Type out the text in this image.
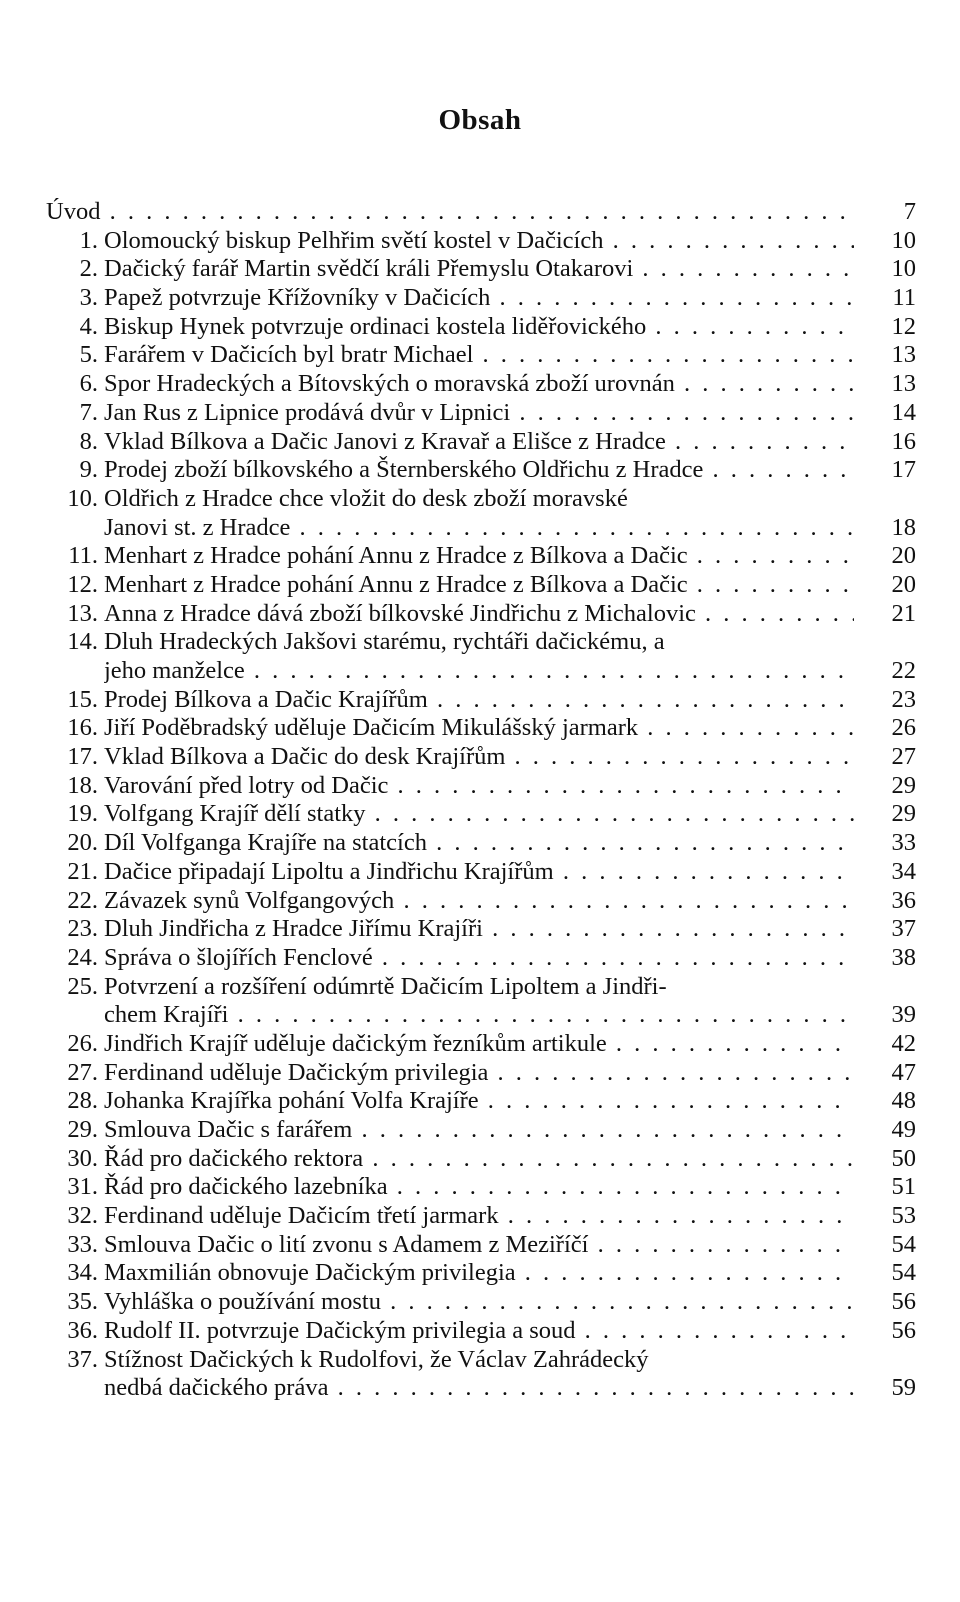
Obsah
Úvod . . .	7
1. Olomoucký biskup Pelhřim světí kostel v Dačicích . . .	10
2. Dačický farář Martin svědčí králi Přemyslu Otakarovi . . .	10
3. Papež potvrzuje Křížovníky v Dačicích . . .	11
4. Biskup Hynek potvrzuje ordinaci kostela liděřovického . . .	12
5. Farářem v Dačicích byl bratr Michael . . .	13
6. Spor Hradeckých a Bítovských o moravská zboží urovnán . . .	13
7. Jan Rus z Lipnice prodává dvůr v Lipnici . . .	14
8. Vklad Bílkova a Dačic Janovi z Kravař a Elišce z Hradce . . .	16
9. Prodej zboží bílkovského a Šternberského Oldřichu z Hradce . . .	17
10. Oldřich z Hradce chce vložit do desk zboží moravské
Janovi st. z Hradce . . .	18
11. Menhart z Hradce pohání Annu z Hradce z Bílkova a Dačic . . .	20
12. Menhart z Hradce pohání Annu z Hradce z Bílkova a Dačic . . .	20
13. Anna z Hradce dává zboží bílkovské Jindřichu z Michalovic . . .	21
14. Dluh Hradeckých Jakšovi starému, rychtáři dačickému, a
jeho manželce . . .	22
15. Prodej Bílkova a Dačic Krajířům . . .	23
16. Jiří Poděbradský uděluje Dačicím Mikulášský jarmark . . .	26
17. Vklad Bílkova a Dačic do desk Krajířům . . .	27
18. Varování před lotry od Dačic . . .	29
19. Volfgang Krajíř dělí statky . . .	29
20. Díl Volfganga Krajíře na statcích . . .	33
21. Dačice připadají Lipoltu a Jindřichu Krajířům . . .	34
22. Závazek synů Volfgangových . . .	36
23. Dluh Jindřicha z Hradce Jiřímu Krajíři . . .	37
24. Správa o šlojířích Fenclové . . .	38
25. Potvrzení a rozšíření odúmrtě Dačicím Lipoltem a Jindři-
chem Krajíři . . .	39
26. Jindřich Krajíř uděluje dačickým řezníkům artikule . . .	42
27. Ferdinand uděluje Dačickým privilegia . . .	47
28. Johanka Krajířka pohání Volfa Krajíře . . .	48
29. Smlouva Dačic s farářem . . .	49
30. Řád pro dačického rektora . . .	50
31. Řád pro dačického lazebníka . . .	51
32. Ferdinand uděluje Dačicím třetí jarmark . . .	53
33. Smlouva Dačic o lití zvonu s Adamem z Meziříčí . . .	54
34. Maxmilián obnovuje Dačickým privilegia . . .	54
35. Vyhláška o používání mostu . . .	56
36. Rudolf II. potvrzuje Dačickým privilegia a soud . . .	56
37. Stížnost Dačických k Rudolfovi, že Václav Zahrádecký
nedbá dačického práva . . .	59
